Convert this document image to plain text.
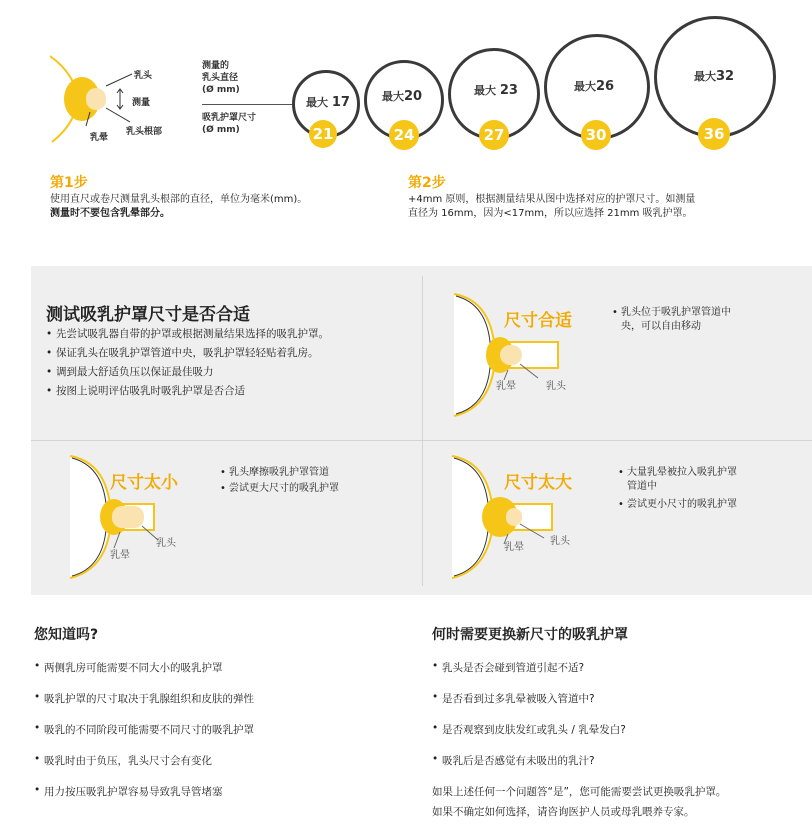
乳头
测量
乳晕
乳头根部
测量的
乳头直径
(Ø mm)
吸乳护罩尺寸
(Ø mm)
最大 17
21
最大20
24
最大 23
27
最大26
30
最大32
36
第1步
使用直尺或卷尺测量乳头根部的直径，单位为毫米(mm)。
测量时不要包含乳晕部分。
第2步
+4mm 原则，根据测量结果从图中选择对应的护罩尺寸。如测量
直径为 16mm，因为<17mm，所以应选择 21mm 吸乳护罩。
测试吸乳护罩尺寸是否合适
• 先尝试吸乳器自带的护罩或根据测量结果选择的吸乳护罩。
• 保证乳头在吸乳护罩管道中央，吸乳护罩轻轻贴着乳房。
• 调到最大舒适负压以保证最佳吸力
• 按图上说明评估吸乳时吸乳护罩是否合适
尺寸合适
乳晕	乳头
• 乳头位于吸乳护罩管道中
央，可以自由移动
尺寸太小
乳晕
乳头
• 乳头摩擦吸乳护罩管道
• 尝试更大尺寸的吸乳护罩	尺寸太大
乳晕
乳头
• 大量乳晕被拉入吸乳护罩
管道中
• 尝试更小尺寸的吸乳护罩
您知道吗?
• 两侧乳房可能需要不同大小的吸乳护罩
• 吸乳护罩的尺寸取决于乳腺组织和皮肤的弹性
• 吸乳的不同阶段可能需要不同尺寸的吸乳护罩
• 吸乳时由于负压，乳头尺寸会有变化
• 用力按压吸乳护罩容易导致乳导管堵塞
何时需要更换新尺寸的吸乳护罩
• 乳头是否会碰到管道引起不适?
• 是否看到过多乳晕被吸入管道中?
• 是否观察到皮肤发红或乳头 / 乳晕发白?
• 吸乳后是否感觉有未吸出的乳汁?
如果上述任何一个问题答“是”，您可能需要尝试更换吸乳护罩。
如果不确定如何选择，请咨询医护人员或母乳喂养专家。
